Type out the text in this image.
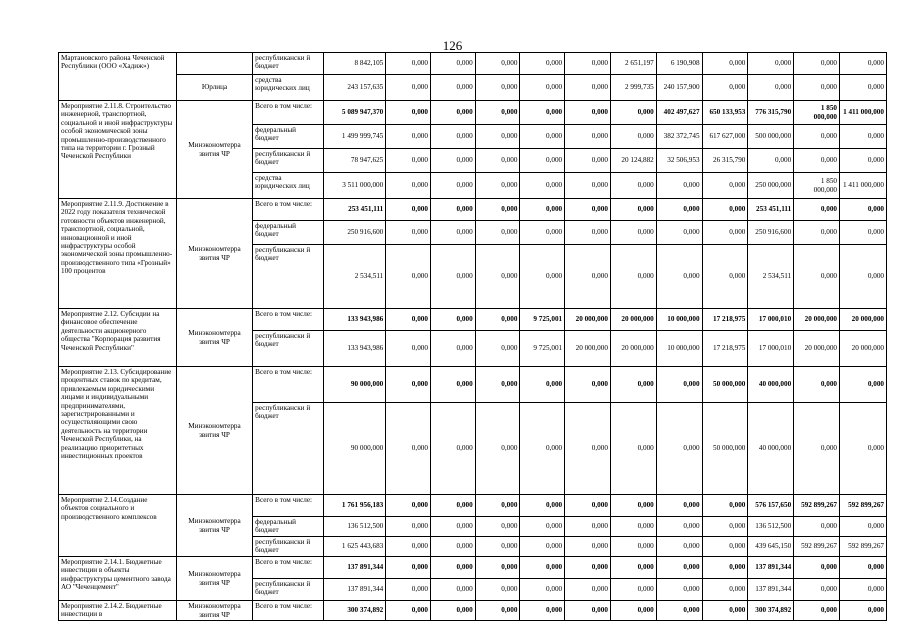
126
Мартановского района Чеченской Республики (ООО «Хадиж»)		республикански й бюджет	8 842,105	0,000	0,000	0,000	0,000	0,000	2 651,197	6 190,908	0,000	0,000	0,000	0,000
	Юрлица	средства юридических лиц	243 157,635	0,000	0,000	0,000	0,000	0,000	2 999,735	240 157,900	0,000	0,000	0,000	0,000
Мероприятие 2.11.8. Строительство инженерной, транспортной, социальной и иной инфраструктуры особой экономической зоны промышленно-производственного типа на территории г. Грозный Чеченской Республики	Минэкономтерра звития ЧР	Всего в том числе:	5 089 947,370	0,000	0,000	0,000	0,000	0,000	0,000	402 497,627	650 133,953	776 315,790	1 850 000,000	1 411 000,000
		федеральный бюджет	1 499 999,745	0,000	0,000	0,000	0,000	0,000	0,000	382 372,745	617 627,000	500 000,000	0,000	0,000
		республикански й бюджет	78 947,625	0,000	0,000	0,000	0,000	0,000	20 124,882	32 506,953	26 315,790	0,000	0,000	0,000
		средства юридических лиц	3 511 000,000	0,000	0,000	0,000	0,000	0,000	0,000	0,000	0,000	250 000,000	1 850 000,000	1 411 000,000
Мероприятие 2.11.9. Достижение в 2022 году показателя технической готовности объектов инженерной, транспортной, социальной, инновационной и иной инфраструктуры особой экономической зоны промышленно-производственного типа «Грозный» 100 процентов	Минэкономтерра звития ЧР	Всего в том числе:	253 451,111	0,000	0,000	0,000	0,000	0,000	0,000	0,000	0,000	253 451,111	0,000	0,000
		федеральный бюджет	250 916,600	0,000	0,000	0,000	0,000	0,000	0,000	0,000	0,000	250 916,600	0,000	0,000
		республикански й бюджет	2 534,511	0,000	0,000	0,000	0,000	0,000	0,000	0,000	0,000	2 534,511	0,000	0,000
Мероприятие 2.12. Субсидии на финансовое обеспечение деятельности акционерного общества "Корпорация развития Чеченской Республики"	Минэкономтерра звития ЧР	Всего в том числе:	133 943,986	0,000	0,000	0,000	9 725,001	20 000,000	20 000,000	10 000,000	17 218,975	17 000,010	20 000,000	20 000,000
		республикански й бюджет	133 943,986	0,000	0,000	0,000	9 725,001	20 000,000	20 000,000	10 000,000	17 218,975	17 000,010	20 000,000	20 000,000
Мероприятие 2.13. Субсидирование процентных ставок по кредитам, привлекаемым юридическими лицами и индивидуальными предпринимателями, зарегистрированными и осуществляющими свою деятельность на территории Чеченской Республики, на реализацию приоритетных инвестиционных проектов	Минэкономтерра звития ЧР	Всего в том числе:	90 000,000	0,000	0,000	0,000	0,000	0,000	0,000	0,000	50 000,000	40 000,000	0,000	0,000
		республикански й бюджет	90 000,000	0,000	0,000	0,000	0,000	0,000	0,000	0,000	50 000,000	40 000,000	0,000	0,000
Мероприятие 2.14.Создание объектов социального и производственного комплексов	Минэкономтерра звития ЧР	Всего в том числе:	1 761 956,183	0,000	0,000	0,000	0,000	0,000	0,000	0,000	0,000	576 157,650	592 899,267	592 899,267
		федеральный бюджет	136 512,500	0,000	0,000	0,000	0,000	0,000	0,000	0,000	0,000	136 512,500	0,000	0,000
		республикански й бюджет	1 625 443,683	0,000	0,000	0,000	0,000	0,000	0,000	0,000	0,000	439 645,150	592 899,267	592 899,267
Мероприятие 2.14.1. Бюджетные инвестиции в объекты инфраструктуры цементного завода АО "Чеченцемент"	Минэкономтерра звития ЧР	Всего в том числе:	137 891,344	0,000	0,000	0,000	0,000	0,000	0,000	0,000	0,000	137 891,344	0,000	0,000
		республикански й бюджет	137 891,344	0,000	0,000	0,000	0,000	0,000	0,000	0,000	0,000	137 891,344	0,000	0,000
Мероприятие 2.14.2. Бюджетные инвестиции в	Минэкономтерра звития ЧР	Всего в том числе:	300 374,892	0,000	0,000	0,000	0,000	0,000	0,000	0,000	0,000	300 374,892	0,000	0,000
